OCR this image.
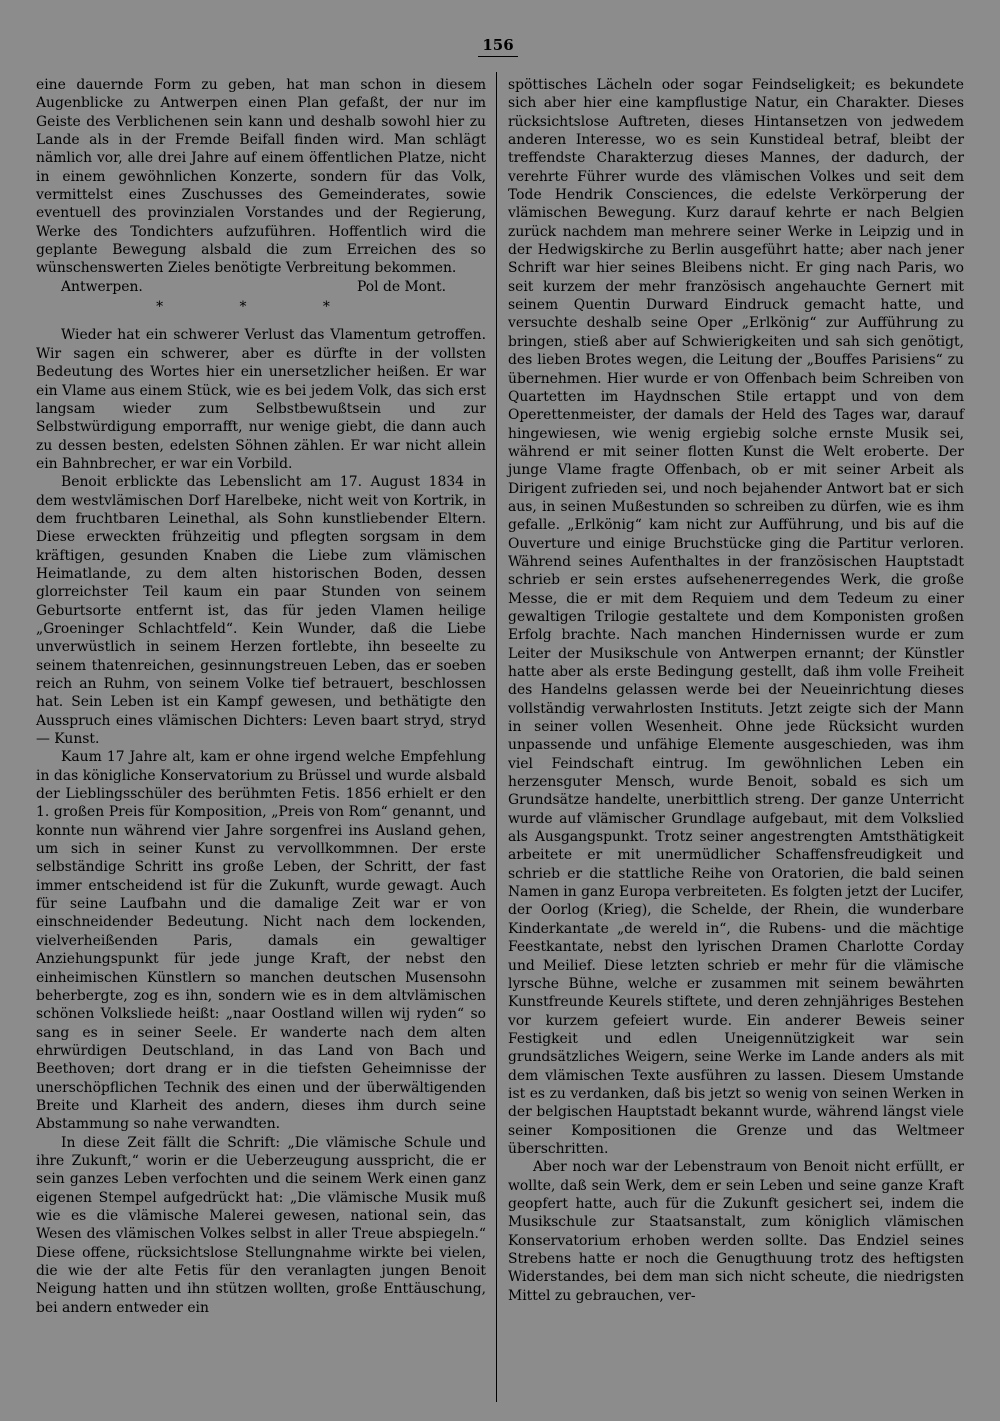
156

eine dauernde Form zu geben, hat man schon in diesem Augenblicke zu Antwerpen einen Plan gefaßt, der nur im Geiste des Verblichenen sein kann und deshalb sowohl hier zu Lande als in der Fremde Beifall finden wird. Man schlägt nämlich vor, alle drei Jahre auf einem öffentlichen Platze, nicht in einem gewöhnlichen Konzerte, sondern für das Volk, vermittelst eines Zuschusses des Gemeinderates, sowie eventuell des provinzialen Vorstandes und der Regierung, Werke des Tondichters aufzuführen. Hoffentlich wird die geplante Bewegung alsbald die zum Erreichen des so wünschenswerten Zieles benötigte Verbreitung bekommen.

Antwerpen.	Pol de Mont.

* * *

Wieder hat ein schwerer Verlust das Vlamentum getroffen. Wir sagen ein schwerer, aber es dürfte in der vollsten Bedeutung des Wortes hier ein unersetzlicher heißen. Er war ein Vlame aus einem Stück, wie es bei jedem Volk, das sich erst langsam wieder zum Selbstbewußtsein und zur Selbstwürdigung emporrafft, nur wenige giebt, die dann auch zu dessen besten, edelsten Söhnen zählen. Er war nicht allein ein Bahnbrecher, er war ein Vorbild.

Benoit erblickte das Lebenslicht am 17. August 1834 in dem westvlämischen Dorf Harelbeke, nicht weit von Kortrik, in dem fruchtbaren Leinethal, als Sohn kunstliebender Eltern. Diese erweckten frühzeitig und pflegten sorgsam in dem kräftigen, gesunden Knaben die Liebe zum vlämischen Heimatlande, zu dem alten historischen Boden, dessen glorreichster Teil kaum ein paar Stunden von seinem Geburtsorte entfernt ist, das für jeden Vlamen heilige „Groeninger Schlachtfeld“. Kein Wunder, daß die Liebe unverwüstlich in seinem Herzen fortlebte, ihn beseelte zu seinem thatenreichen, gesinnungstreuen Leben, das er soeben reich an Ruhm, von seinem Volke tief betrauert, beschlossen hat. Sein Leben ist ein Kampf gewesen, und bethätigte den Ausspruch eines vlämischen Dichters: Leven baart stryd, stryd — Kunst.

Kaum 17 Jahre alt, kam er ohne irgend welche Empfehlung in das königliche Konservatorium zu Brüssel und wurde alsbald der Lieblingsschüler des berühmten Fetis. 1856 erhielt er den 1. großen Preis für Komposition, „Preis von Rom“ genannt, und konnte nun während vier Jahre sorgenfrei ins Ausland gehen, um sich in seiner Kunst zu vervollkommnen. Der erste selbständige Schritt ins große Leben, der Schritt, der fast immer entscheidend ist für die Zukunft, wurde gewagt. Auch für seine Laufbahn und die damalige Zeit war er von einschneidender Bedeutung. Nicht nach dem lockenden, vielverheißenden Paris, damals ein gewaltiger Anziehungspunkt für jede junge Kraft, der nebst den einheimischen Künstlern so manchen deutschen Musensohn beherbergte, zog es ihn, sondern wie es in dem altvlämischen schönen Volksliede heißt: „naar Oostland willen wij ryden“ so sang es in seiner Seele. Er wanderte nach dem alten ehrwürdigen Deutschland, in das Land von Bach und Beethoven; dort drang er in die tiefsten Geheimnisse der unerschöpflichen Technik des einen und der überwältigenden Breite und Klarheit des andern, dieses ihm durch seine Abstammung so nahe verwandten.

In diese Zeit fällt die Schrift: „Die vlämische Schule und ihre Zukunft,“ worin er die Ueberzeugung ausspricht, die er sein ganzes Leben verfochten und die seinem Werk einen ganz eigenen Stempel aufgedrückt hat: „Die vlämische Musik muß wie es die vlämische Malerei gewesen, national sein, das Wesen des vlämischen Volkes selbst in aller Treue abspiegeln.“ Diese offene, rücksichtslose Stellungnahme wirkte bei vielen, die wie der alte Fetis für den veranlagten jungen Benoit Neigung hatten und ihn stützen wollten, große Enttäuschung, bei andern entweder ein

spöttisches Lächeln oder sogar Feindseligkeit; es bekundete sich aber hier eine kampflustige Natur, ein Charakter. Dieses rücksichtslose Auftreten, dieses Hintansetzen von jedwedem anderen Interesse, wo es sein Kunstideal betraf, bleibt der treffendste Charakterzug dieses Mannes, der dadurch, der verehrte Führer wurde des vlämischen Volkes und seit dem Tode Hendrik Consciences, die edelste Verkörperung der vlämischen Bewegung. Kurz darauf kehrte er nach Belgien zurück nachdem man mehrere seiner Werke in Leipzig und in der Hedwigskirche zu Berlin ausgeführt hatte; aber nach jener Schrift war hier seines Bleibens nicht. Er ging nach Paris, wo seit kurzem der mehr französisch angehauchte Gernert mit seinem Quentin Durward Eindruck gemacht hatte, und versuchte deshalb seine Oper „Erlkönig“ zur Aufführung zu bringen, stieß aber auf Schwierigkeiten und sah sich genötigt, des lieben Brotes wegen, die Leitung der „Bouffes Parisiens“ zu übernehmen. Hier wurde er von Offenbach beim Schreiben von Quartetten im Haydnschen Stile ertappt und von dem Operettenmeister, der damals der Held des Tages war, darauf hingewiesen, wie wenig ergiebig solche ernste Musik sei, während er mit seiner flotten Kunst die Welt eroberte. Der junge Vlame fragte Offenbach, ob er mit seiner Arbeit als Dirigent zufrieden sei, und noch bejahender Antwort bat er sich aus, in seinen Mußestunden so schreiben zu dürfen, wie es ihm gefalle. „Erlkönig“ kam nicht zur Aufführung, und bis auf die Ouverture und einige Bruchstücke ging die Partitur verloren. Während seines Aufenthaltes in der französischen Hauptstadt schrieb er sein erstes aufsehenerregendes Werk, die große Messe, die er mit dem Requiem und dem Tedeum zu einer gewaltigen Trilogie gestaltete und dem Komponisten großen Erfolg brachte. Nach manchen Hindernissen wurde er zum Leiter der Musikschule von Antwerpen ernannt; der Künstler hatte aber als erste Bedingung gestellt, daß ihm volle Freiheit des Handelns gelassen werde bei der Neueinrichtung dieses vollständig verwahrlosten Instituts. Jetzt zeigte sich der Mann in seiner vollen Wesenheit. Ohne jede Rücksicht wurden unpassende und unfähige Elemente ausgeschieden, was ihm viel Feindschaft eintrug. Im gewöhnlichen Leben ein herzensguter Mensch, wurde Benoit, sobald es sich um Grundsätze handelte, unerbittlich streng. Der ganze Unterricht wurde auf vlämischer Grundlage aufgebaut, mit dem Volkslied als Ausgangspunkt. Trotz seiner angestrengten Amtsthätigkeit arbeitete er mit unermüdlicher Schaffensfreudigkeit und schrieb er die stattliche Reihe von Oratorien, die bald seinen Namen in ganz Europa verbreiteten. Es folgten jetzt der Lucifer, der Oorlog (Krieg), die Schelde, der Rhein, die wunderbare Kinderkantate „de wereld in“, die Rubens- und die mächtige Feestkantate, nebst den lyrischen Dramen Charlotte Corday und Meilief. Diese letzten schrieb er mehr für die vlämische lyrsche Bühne, welche er zusammen mit seinem bewährten Kunstfreunde Keurels stiftete, und deren zehnjähriges Bestehen vor kurzem gefeiert wurde. Ein anderer Beweis seiner Festigkeit und edlen Uneigennützigkeit war sein grundsätzliches Weigern, seine Werke im Lande anders als mit dem vlämischen Texte ausführen zu lassen. Diesem Umstande ist es zu verdanken, daß bis jetzt so wenig von seinen Werken in der belgischen Hauptstadt bekannt wurde, während längst viele seiner Kompositionen die Grenze und das Weltmeer überschritten.

Aber noch war der Lebenstraum von Benoit nicht erfüllt, er wollte, daß sein Werk, dem er sein Leben und seine ganze Kraft geopfert hatte, auch für die Zukunft gesichert sei, indem die Musikschule zur Staatsanstalt, zum königlich vlämischen Konservatorium erhoben werden sollte. Das Endziel seines Strebens hatte er noch die Genugthuung trotz des heftigsten Widerstandes, bei dem man sich nicht scheute, die niedrigsten Mittel zu gebrauchen, ver-
